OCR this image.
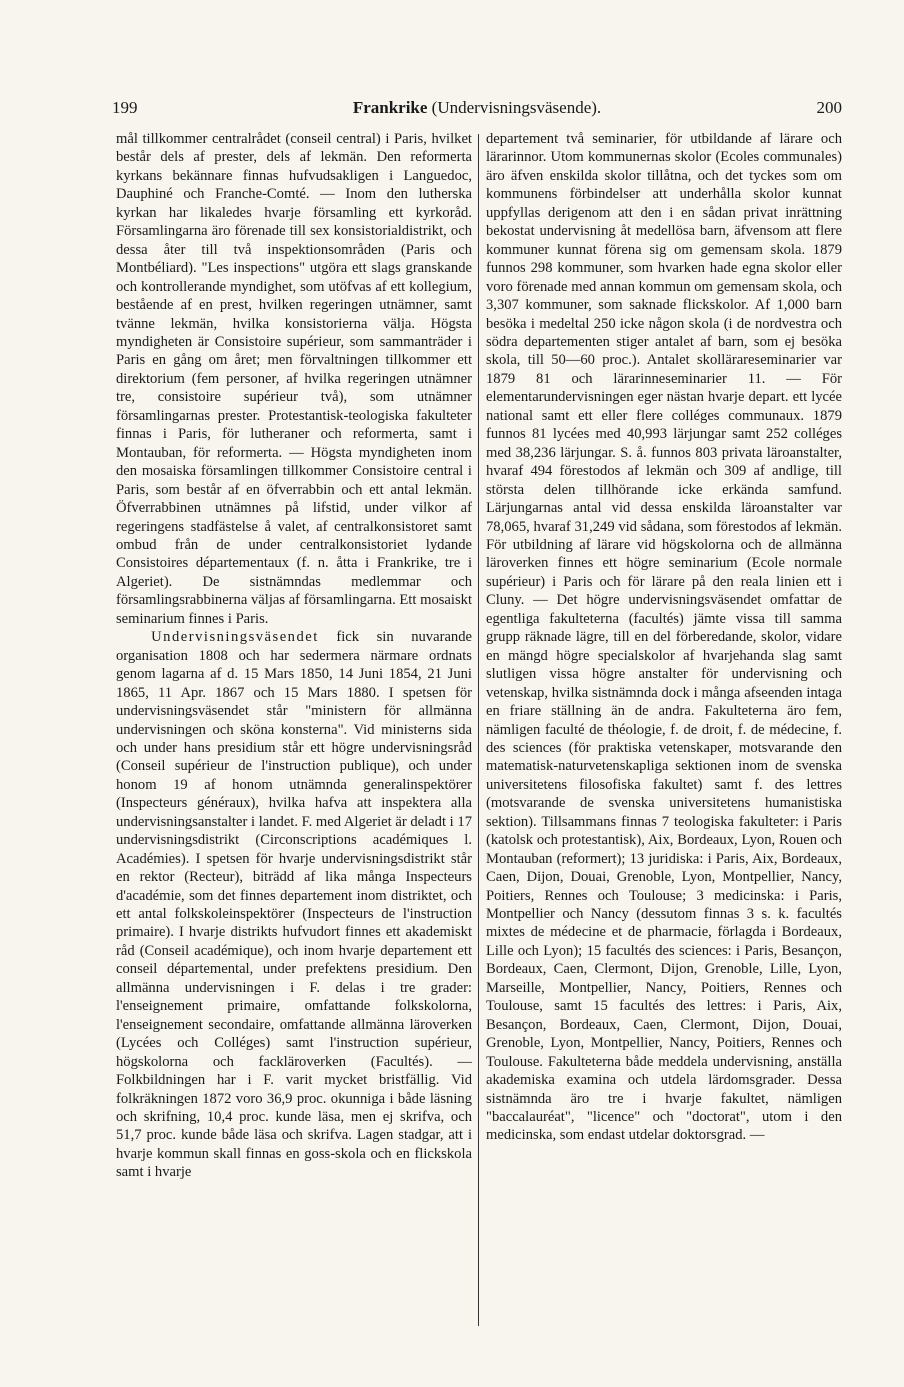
199	Frankrike (Undervisningsväsende).	200

mål tillkommer centralrådet (conseil central) i Paris, hvilket består dels af prester, dels af lekmän. Den reformerta kyrkans bekännare finnas hufvudsakligen i Languedoc, Dauphiné och Franche-Comté. — Inom den lutherska kyrkan har likaledes hvarje församling ett kyrkoråd. Församlingarna äro förenade till sex konsistorialdistrikt, och dessa åter till två inspektionsområden (Paris och Montbéliard). "Les inspections" utgöra ett slags granskande och kontrollerande myndighet, som utöfvas af ett kollegium, bestående af en prest, hvilken regeringen utnämner, samt tvänne lekmän, hvilka konsistorierna välja. Högsta myndigheten är Consistoire supérieur, som sammanträder i Paris en gång om året; men förvaltningen tillkommer ett direktorium (fem personer, af hvilka regeringen utnämner tre, consistoire supérieur två), som utnämner församlingarnas prester. Protestantisk-teologiska fakulteter finnas i Paris, för lutheraner och reformerta, samt i Montauban, för reformerta. — Högsta myndigheten inom den mosaiska församlingen tillkommer Consistoire central i Paris, som består af en öfverrabbin och ett antal lekmän. Öfverrabbinen utnämnes på lifstid, under vilkor af regeringens stadfästelse å valet, af centralkonsistoret samt ombud från de under centralkonsistoriet lydande Consistoires départementaux (f. n. åtta i Frankrike, tre i Algeriet). De sistnämndas medlemmar och församlingsrabbinerna väljas af församlingarna. Ett mosaiskt seminarium finnes i Paris.

Undervisningsväsendet fick sin nuvarande organisation 1808 och har sedermera närmare ordnats genom lagarna af d. 15 Mars 1850, 14 Juni 1854, 21 Juni 1865, 11 Apr. 1867 och 15 Mars 1880. I spetsen för undervisningsväsendet står "ministern för allmänna undervisningen och sköna konsterna". Vid ministerns sida och under hans presidium står ett högre undervisningsråd (Conseil supérieur de l'instruction publique), och under honom 19 af honom utnämnda generalinspektörer (Inspecteurs généraux), hvilka hafva att inspektera alla undervisningsanstalter i landet. F. med Algeriet är deladt i 17 undervisningsdistrikt (Circonscriptions académiques l. Académies). I spetsen för hvarje undervisningsdistrikt står en rektor (Recteur), biträdd af lika många Inspecteurs d'académie, som det finnes departement inom distriktet, och ett antal folkskoleinspektörer (Inspecteurs de l'instruction primaire). I hvarje distrikts hufvudort finnes ett akademiskt råd (Conseil académique), och inom hvarje departement ett conseil départemental, under prefektens presidium. Den allmänna undervisningen i F. delas i tre grader: l'enseignement primaire, omfattande folkskolorna, l'enseignement secondaire, omfattande allmänna läroverken (Lycées och Colléges) samt l'instruction supérieur, högskolorna och fackläroverken (Facultés). — Folkbildningen har i F. varit mycket bristfällig. Vid folkräkningen 1872 voro 36,9 proc. okunniga i både läsning och skrifning, 10,4 proc. kunde läsa, men ej skrifva, och 51,7 proc. kunde både läsa och skrifva. Lagen stadgar, att i hvarje kommun skall finnas en goss-skola och en flickskola samt i hvarje

departement två seminarier, för utbildande af lärare och lärarinnor. Utom kommunernas skolor (Ecoles communales) äro äfven enskilda skolor tillåtna, och det tyckes som om kommunens förbindelser att underhålla skolor kunnat uppfyllas derigenom att den i en sådan privat inrättning bekostat undervisning åt medellösa barn, äfvensom att flere kommuner kunnat förena sig om gemensam skola. 1879 funnos 298 kommuner, som hvarken hade egna skolor eller voro förenade med annan kommun om gemensam skola, och 3,307 kommuner, som saknade flickskolor. Af 1,000 barn besöka i medeltal 250 icke någon skola (i de nordvestra och södra departementen stiger antalet af barn, som ej besöka skola, till 50—60 proc.). Antalet skollärareseminarier var 1879 81 och lärarinneseminarier 11. — För elementarundervisningen eger nästan hvarje depart. ett lycée national samt ett eller flere colléges communaux. 1879 funnos 81 lycées med 40,993 lärjungar samt 252 colléges med 38,236 lärjungar. S. å. funnos 803 privata läroanstalter, hvaraf 494 förestodos af lekmän och 309 af andlige, till största delen tillhörande icke erkända samfund. Lärjungarnas antal vid dessa enskilda läroanstalter var 78,065, hvaraf 31,249 vid sådana, som förestodos af lekmän. För utbildning af lärare vid högskolorna och de allmänna läroverken finnes ett högre seminarium (Ecole normale supérieur) i Paris och för lärare på den reala linien ett i Cluny. — Det högre undervisningsväsendet omfattar de egentliga fakulteterna (facultés) jämte vissa till samma grupp räknade lägre, till en del förberedande, skolor, vidare en mängd högre specialskolor af hvarjehanda slag samt slutligen vissa högre anstalter för undervisning och vetenskap, hvilka sistnämnda dock i många afseenden intaga en friare ställning än de andra. Fakulteterna äro fem, nämligen faculté de théologie, f. de droit, f. de médecine, f. des sciences (för praktiska vetenskaper, motsvarande den matematisk-naturvetenskapliga sektionen inom de svenska universitetens filosofiska fakultet) samt f. des lettres (motsvarande de svenska universitetens humanistiska sektion). Tillsammans finnas 7 teologiska fakulteter: i Paris (katolsk och protestantisk), Aix, Bordeaux, Lyon, Rouen och Montauban (reformert); 13 juridiska: i Paris, Aix, Bordeaux, Caen, Dijon, Douai, Grenoble, Lyon, Montpellier, Nancy, Poitiers, Rennes och Toulouse; 3 medicinska: i Paris, Montpellier och Nancy (dessutom finnas 3 s. k. facultés mixtes de médecine et de pharmacie, förlagda i Bordeaux, Lille och Lyon); 15 facultés des sciences: i Paris, Besançon, Bordeaux, Caen, Clermont, Dijon, Grenoble, Lille, Lyon, Marseille, Montpellier, Nancy, Poitiers, Rennes och Toulouse, samt 15 facultés des lettres: i Paris, Aix, Besançon, Bordeaux, Caen, Clermont, Dijon, Douai, Grenoble, Lyon, Montpellier, Nancy, Poitiers, Rennes och Toulouse. Fakulteterna både meddela undervisning, anställa akademiska examina och utdela lärdomsgrader. Dessa sistnämnda äro tre i hvarje fakultet, nämligen "baccalauréat", "licence" och "doctorat", utom i den medicinska, som endast utdelar doktorsgrad. —
